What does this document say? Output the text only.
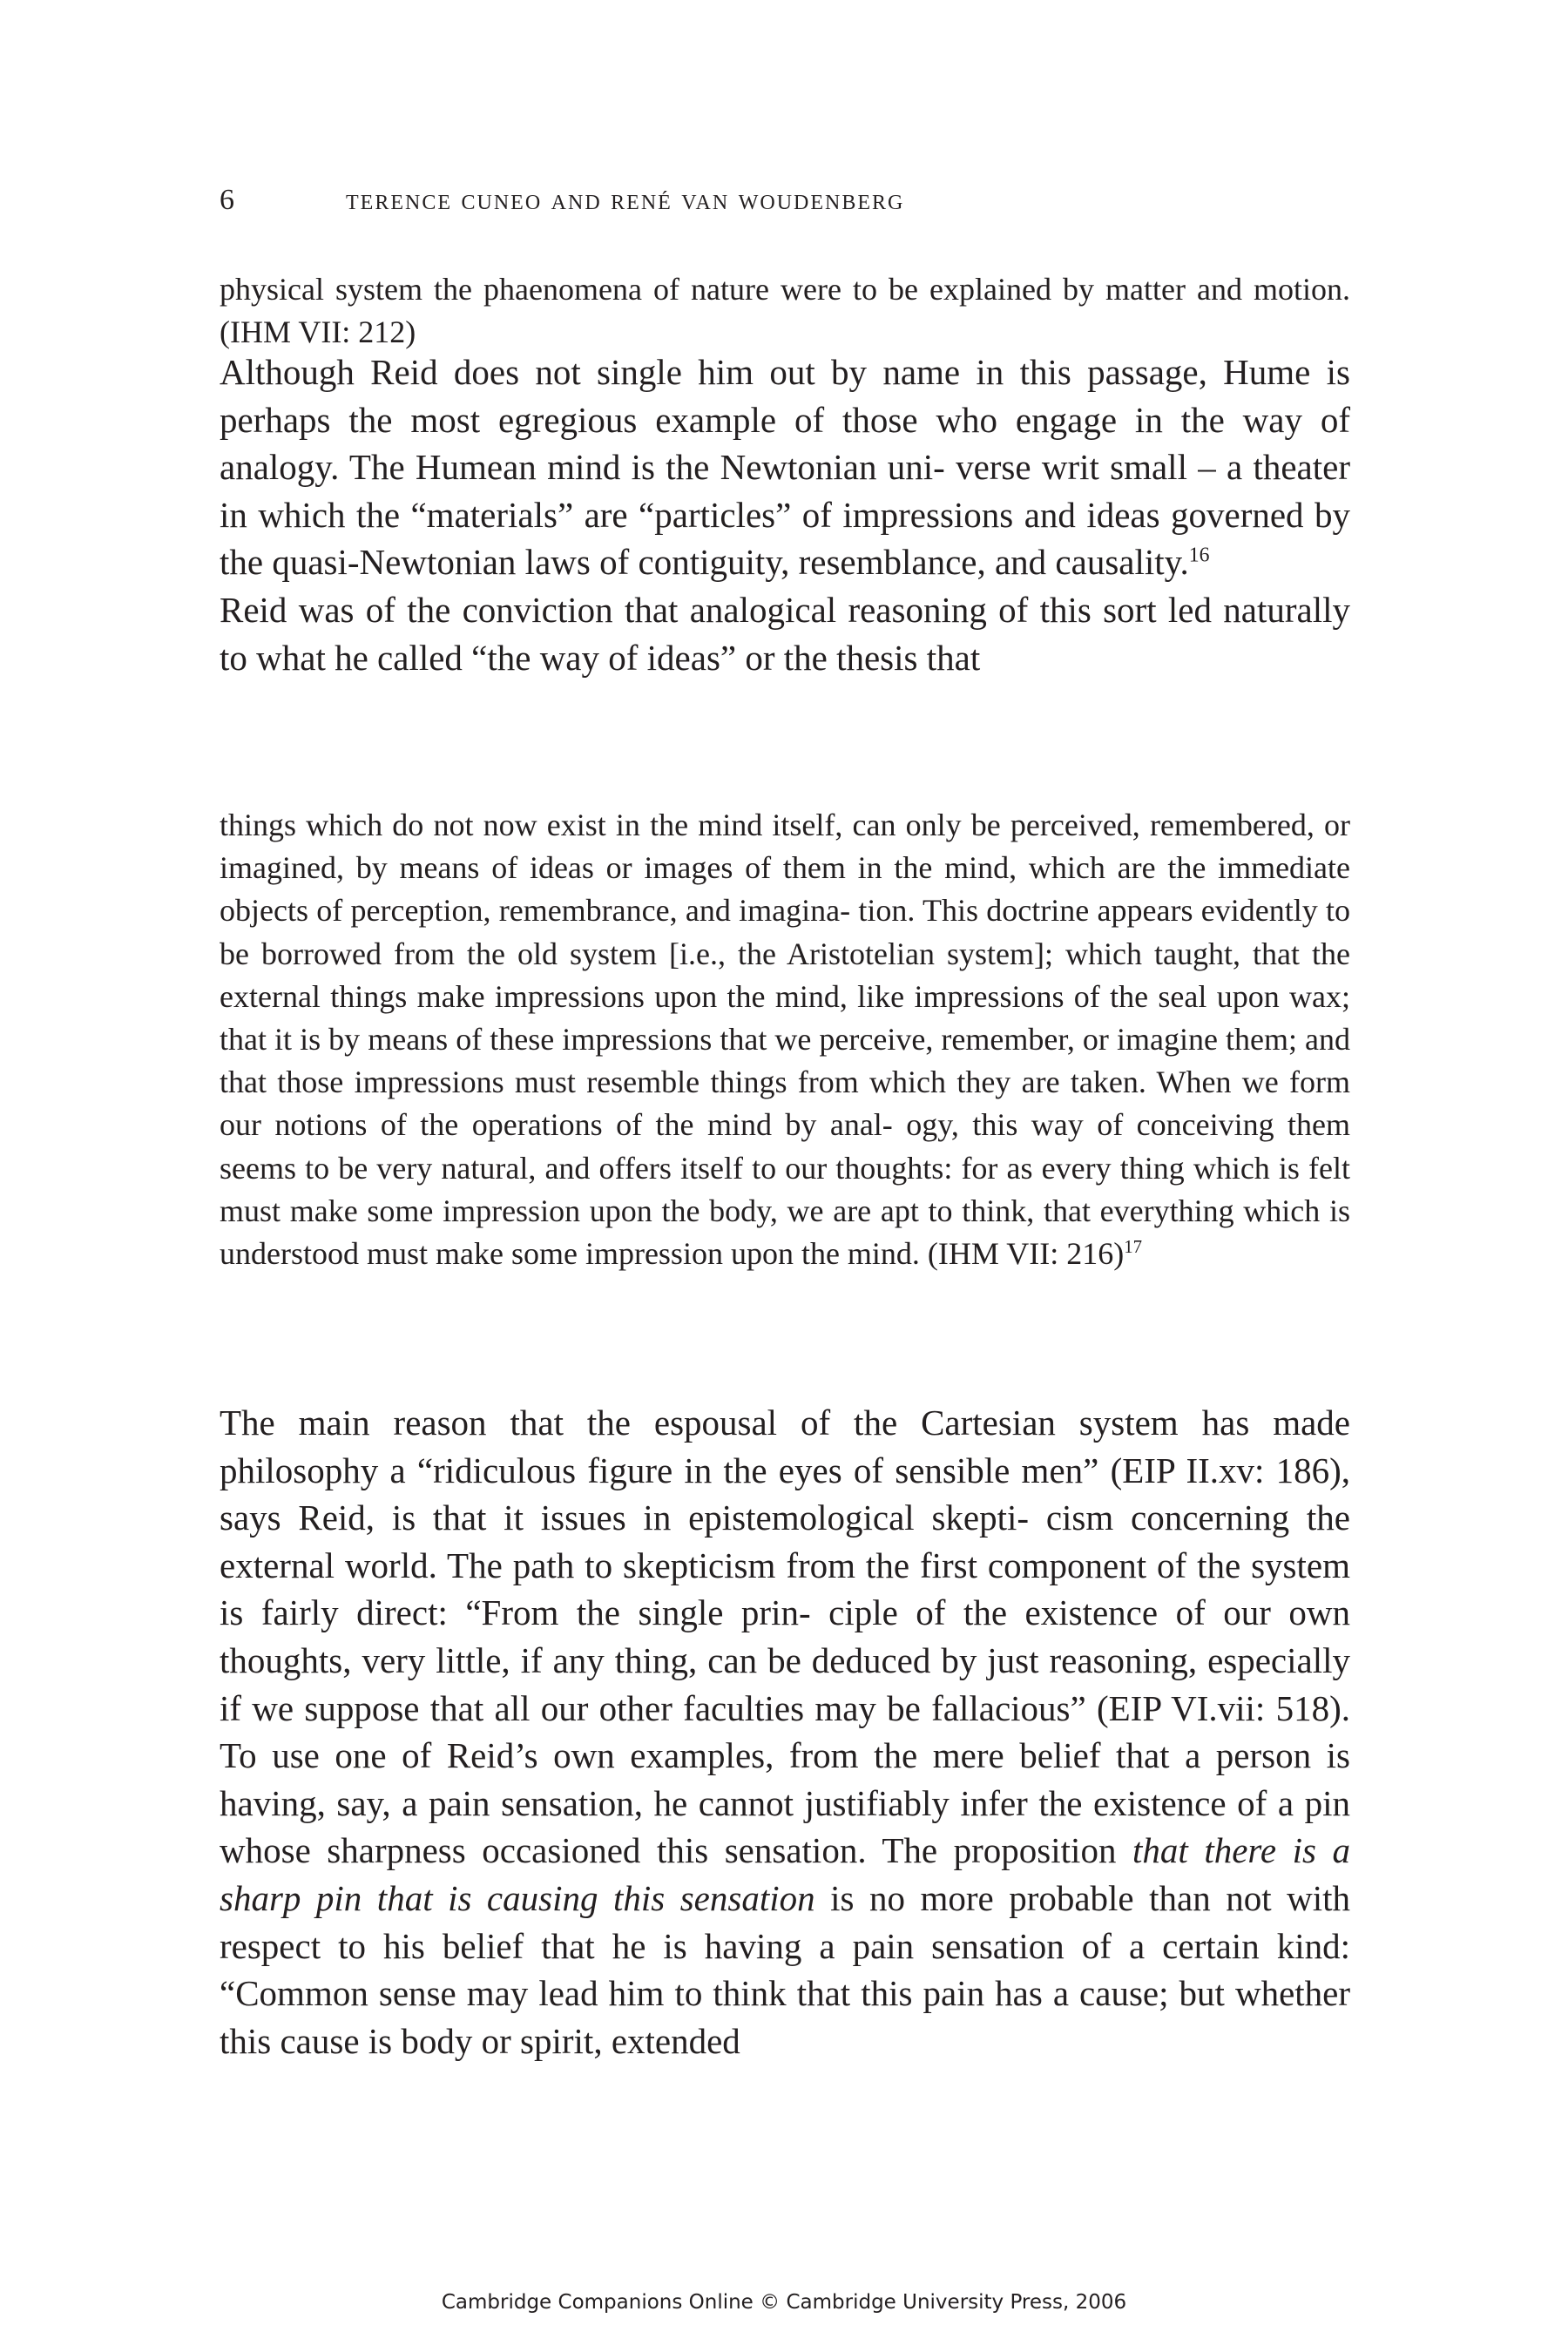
6	terence cuneo and rené van woudenberg
physical system the phaenomena of nature were to be explained by matter and motion. (IHM VII: 212)

Although Reid does not single him out by name in this passage, Hume is perhaps the most egregious example of those who engage in the way of analogy. The Humean mind is the Newtonian uni- verse writ small – a theater in which the “materials” are “particles” of impressions and ideas governed by the quasi-Newtonian laws of contiguity, resemblance, and causality.$^{16}$

Reid was of the conviction that analogical reasoning of this sort led naturally to what he called “the way of ideas” or the thesis that

things which do not now exist in the mind itself, can only be perceived, remembered, or imagined, by means of ideas or images of them in the mind, which are the immediate objects of perception, remembrance, and imagina- tion. This doctrine appears evidently to be borrowed from the old system [i.e., the Aristotelian system]; which taught, that the external things make impressions upon the mind, like impressions of the seal upon wax; that it is by means of these impressions that we perceive, remember, or imagine them; and that those impressions must resemble things from which they are taken. When we form our notions of the operations of the mind by anal- ogy, this way of conceiving them seems to be very natural, and offers itself to our thoughts: for as every thing which is felt must make some impression upon the body, we are apt to think, that everything which is understood must make some impression upon the mind. (IHM VII: 216)$^{17}$

The main reason that the espousal of the Cartesian system has made philosophy a “ridiculous figure in the eyes of sensible men” (EIP II.xv: 186), says Reid, is that it issues in epistemological skepti- cism concerning the external world. The path to skepticism from the first component of the system is fairly direct: “From the single prin- ciple of the existence of our own thoughts, very little, if any thing, can be deduced by just reasoning, especially if we suppose that all our other faculties may be fallacious” (EIP VI.vii: 518). To use one of Reid’s own examples, from the mere belief that a person is having, say, a pain sensation, he cannot justifiably infer the existence of a pin whose sharpness occasioned this sensation. The proposition that there is a sharp pin that is causing this sensation is no more probable than not with respect to his belief that he is having a pain sensation of a certain kind: “Common sense may lead him to think that this pain has a cause; but whether this cause is body or spirit, extended

Cambridge Companions Online © Cambridge University Press, 2006
